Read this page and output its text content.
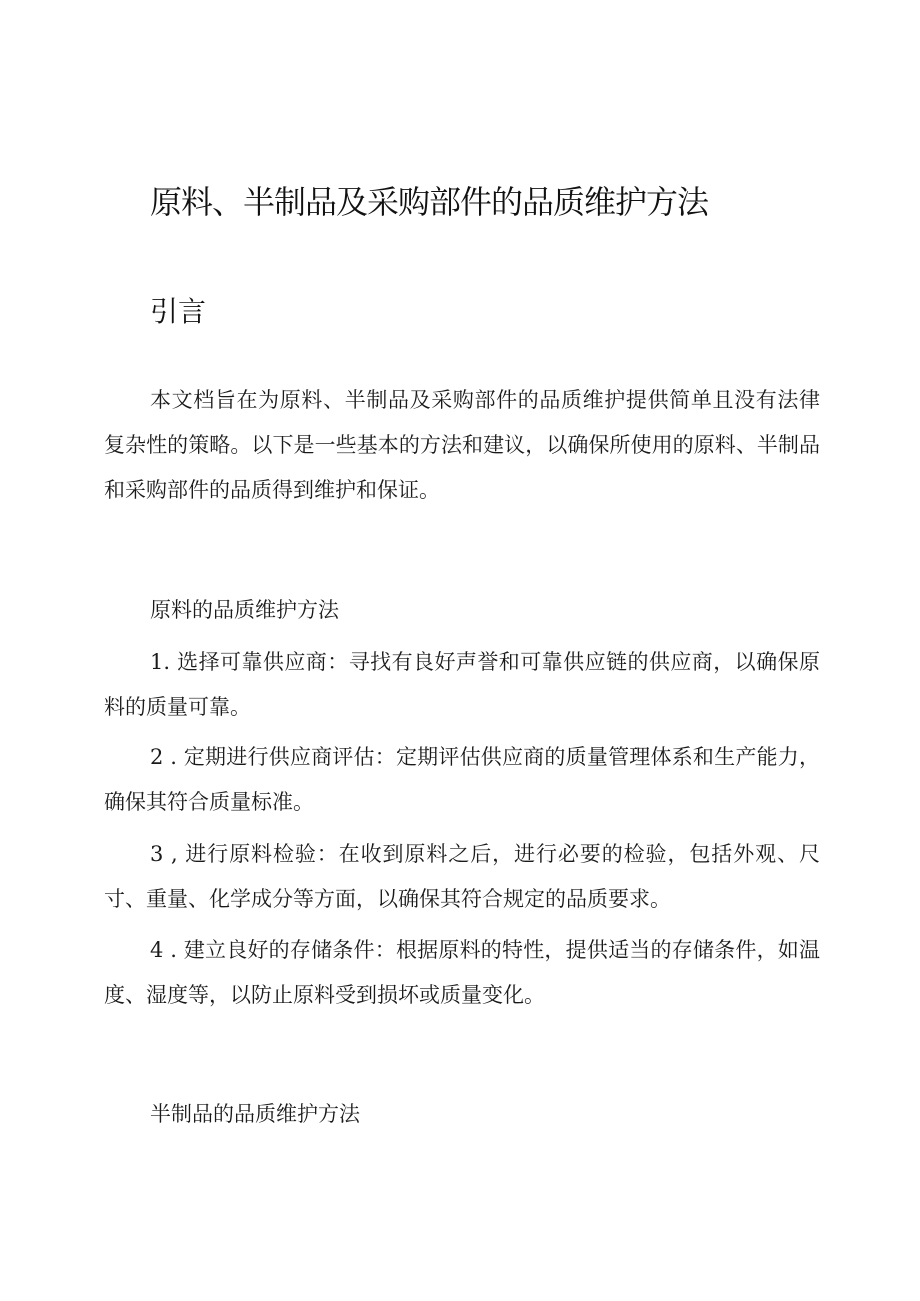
原料、半制品及采购部件的品质维护方法
引言

本文档旨在为原料、半制品及采购部件的品质维护提供简单且没有法律复杂性的策略。以下是一些基本的方法和建议，以确保所使用的原料、半制品和采购部件的品质得到维护和保证。

原料的品质维护方法

1. 选择可靠供应商：寻找有良好声誉和可靠供应链的供应商，以确保原料的质量可靠。

2 . 定期进行供应商评估：定期评估供应商的质量管理体系和生产能力，确保其符合质量标准。

3 , 进行原料检验：在收到原料之后，进行必要的检验，包括外观、尺寸、重量、化学成分等方面，以确保其符合规定的品质要求。

4 . 建立良好的存储条件：根据原料的特性，提供适当的存储条件，如温度、湿度等，以防止原料受到损坏或质量变化。

半制品的品质维护方法
